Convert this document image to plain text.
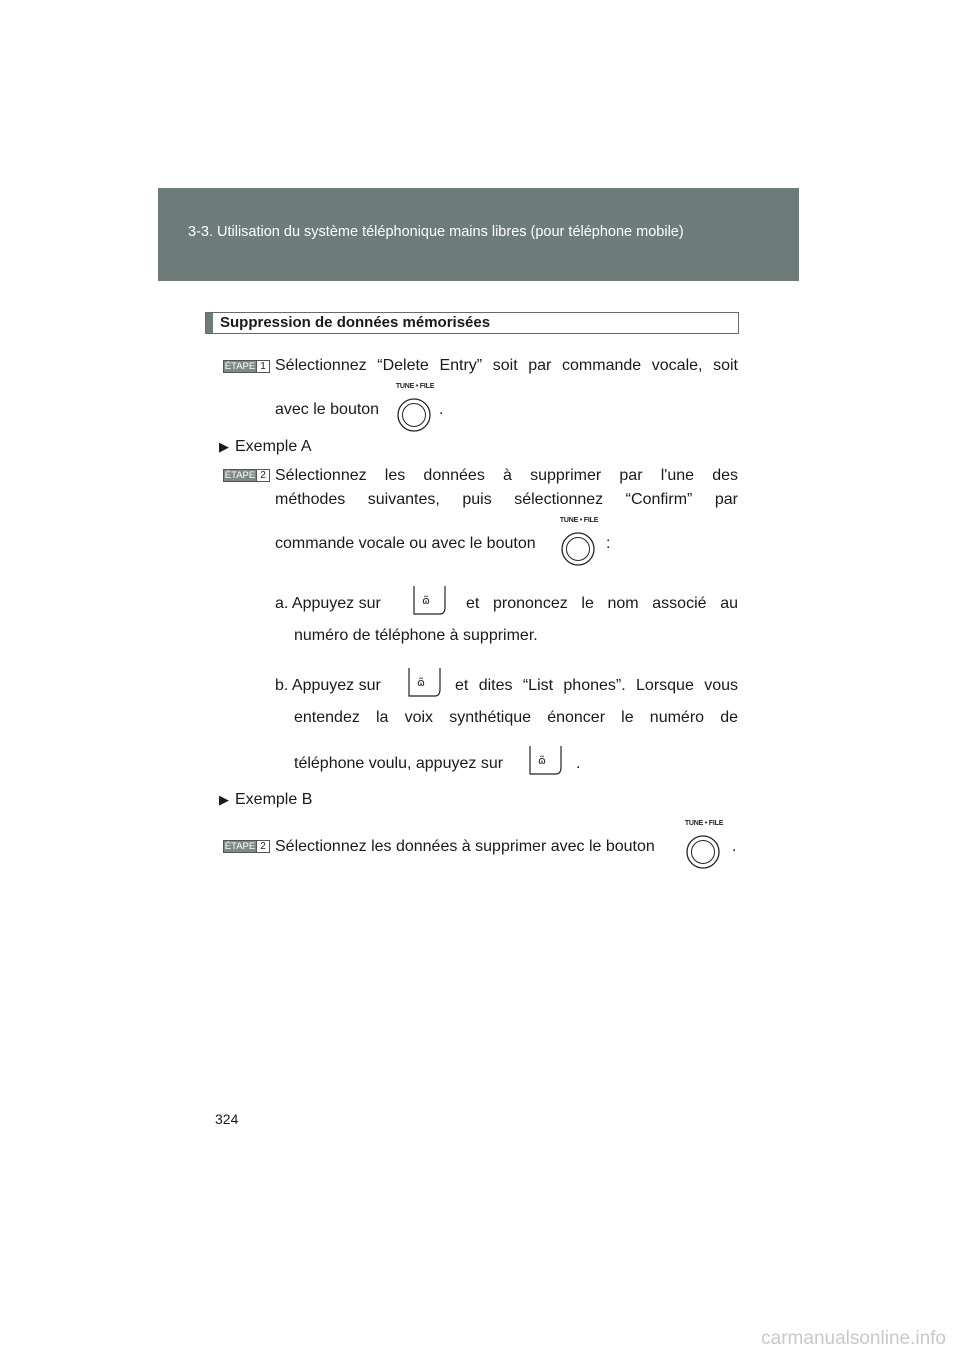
3-3. Utilisation du système téléphonique mains libres (pour téléphone mobile)
Suppression de données mémorisées
ÉTAPE 1 Sélectionnez “Delete Entry” soit par commande vocale, soit
avec le bouton
TUNE • FILE
.
▶ Exemple A
ÉTAPE 2 Sélectionnez les données à supprimer par l'une des
méthodes suivantes, puis sélectionnez “Confirm” par
commande vocale ou avec le bouton
TUNE • FILE
:
a. Appuyez sur	ɷ̃ et prononcez le nom associé au
numéro de téléphone à supprimer.
b. Appuyez sur	ɷ̃ et dites “List phones”. Lorsque vous
entendez la voix synthétique énoncer le numéro de
téléphone voulu, appuyez sur	ɷ̃ .
▶ Exemple B
ÉTAPE 2 Sélectionnez les données à supprimer avec le bouton
TUNE • FILE
.
324
carmanualsonline.info
